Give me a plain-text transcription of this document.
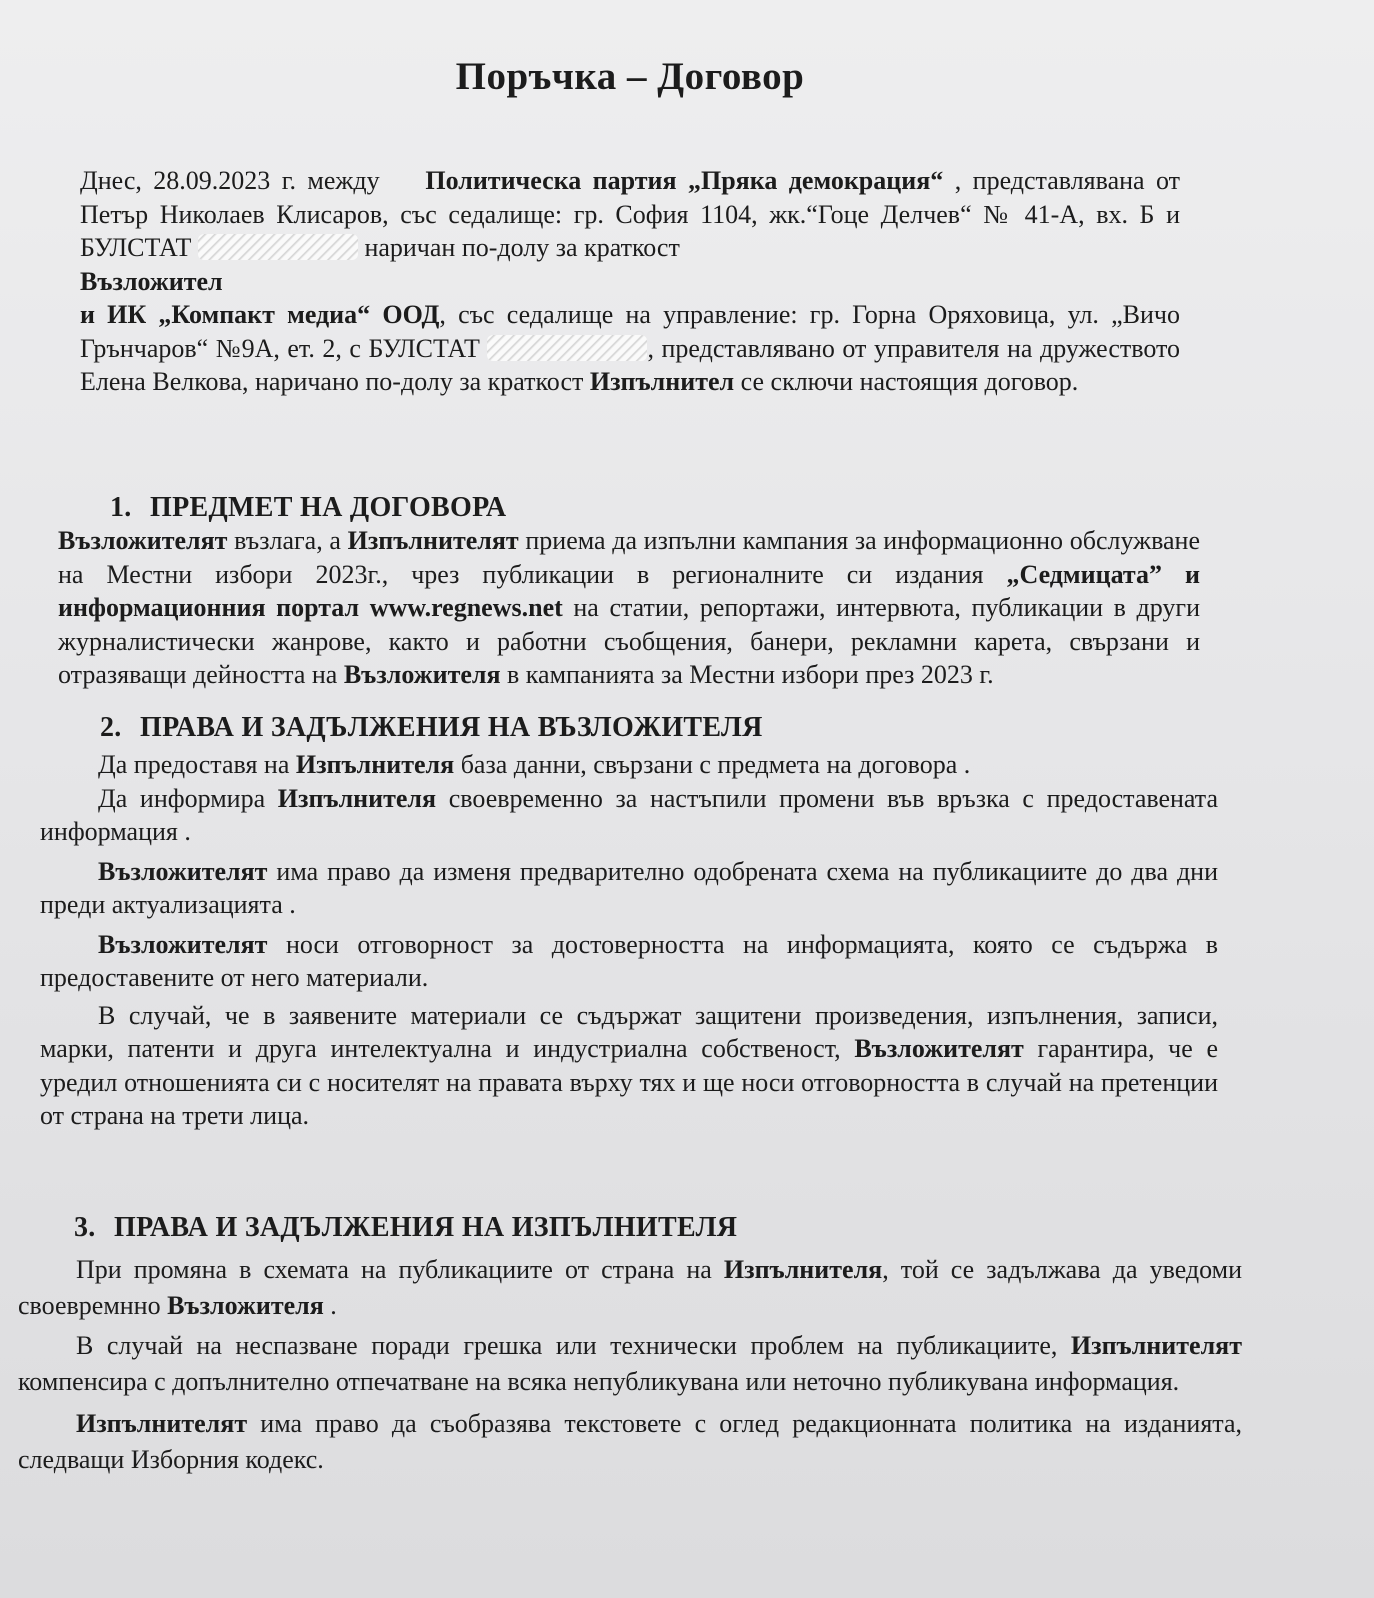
Поръчка – Договор

Днес, 28.09.2023 г. между Политическа партия „Пряка демокрация“ , представлявана от Петър Николаев Клисаров, със седалище: гр. София 1104, жк.“Гоце Делчев“ № 41-А, вх. Б и БУЛСТАТ	наричан по-долу за краткост
Възложител

и ИК „Компакт медиа“ ООД, със седалище на управление: гр. Горна Оряховица, ул. „Вичо Грънчаров“ №9А, ет. 2, с БУЛСТАТ	, представлявано от управителя на дружеството Елена Велкова, наричано по-долу за краткост Изпълнител се сключи настоящия договор.

1. ПРЕДМЕТ НА ДОГОВОРА

Възложителят възлага, а Изпълнителят приема да изпълни кампания за информационно обслужване на Местни избори 2023г., чрез публикации в регионалните си издания „Седмицата” и информационния портал www.regnews.net на статии, репортажи, интервюта, публикации в други журналистически жанрове, както и работни съобщения, банери, рекламни карета, свързани и отразяващи дейността на Възложителя в кампанията за Местни избори през 2023 г.

2. ПРАВА И ЗАДЪЛЖЕНИЯ НА ВЪЗЛОЖИТЕЛЯ

Да предоставя на Изпълнителя база данни, свързани с предмета на договора .

Да информира Изпълнителя своевременно за настъпили промени във връзка с предоставената информация .

Възложителят има право да изменя предварително одобрената схема на публикациите до два дни преди актуализацията .

Възложителят носи отговорност за достоверността на информацията, която се съдържа в предоставените от него материали.

В случай, че в заявените материали се съдържат защитени произведения, изпълнения, записи, марки, патенти и друга интелектуална и индустриална собственост, Възложителят гарантира, че е уредил отношенията си с носителят на правата върху тях и ще носи отговорността в случай на претенции от страна на трети лица.

3. ПРАВА И ЗАДЪЛЖЕНИЯ НА ИЗПЪЛНИТЕЛЯ

При промяна в схемата на публикациите от страна на Изпълнителя, той се задължава да уведоми своевремнно Възложителя .

В случай на неспазване поради грешка или технически проблем на публикациите, Изпълнителят компенсира с допълнително отпечатване на всяка непубликувана или неточно публикувана информация.

Изпълнителят има право да съобразява текстовете с оглед редакционната политика на изданията, следващи Изборния кодекс.
